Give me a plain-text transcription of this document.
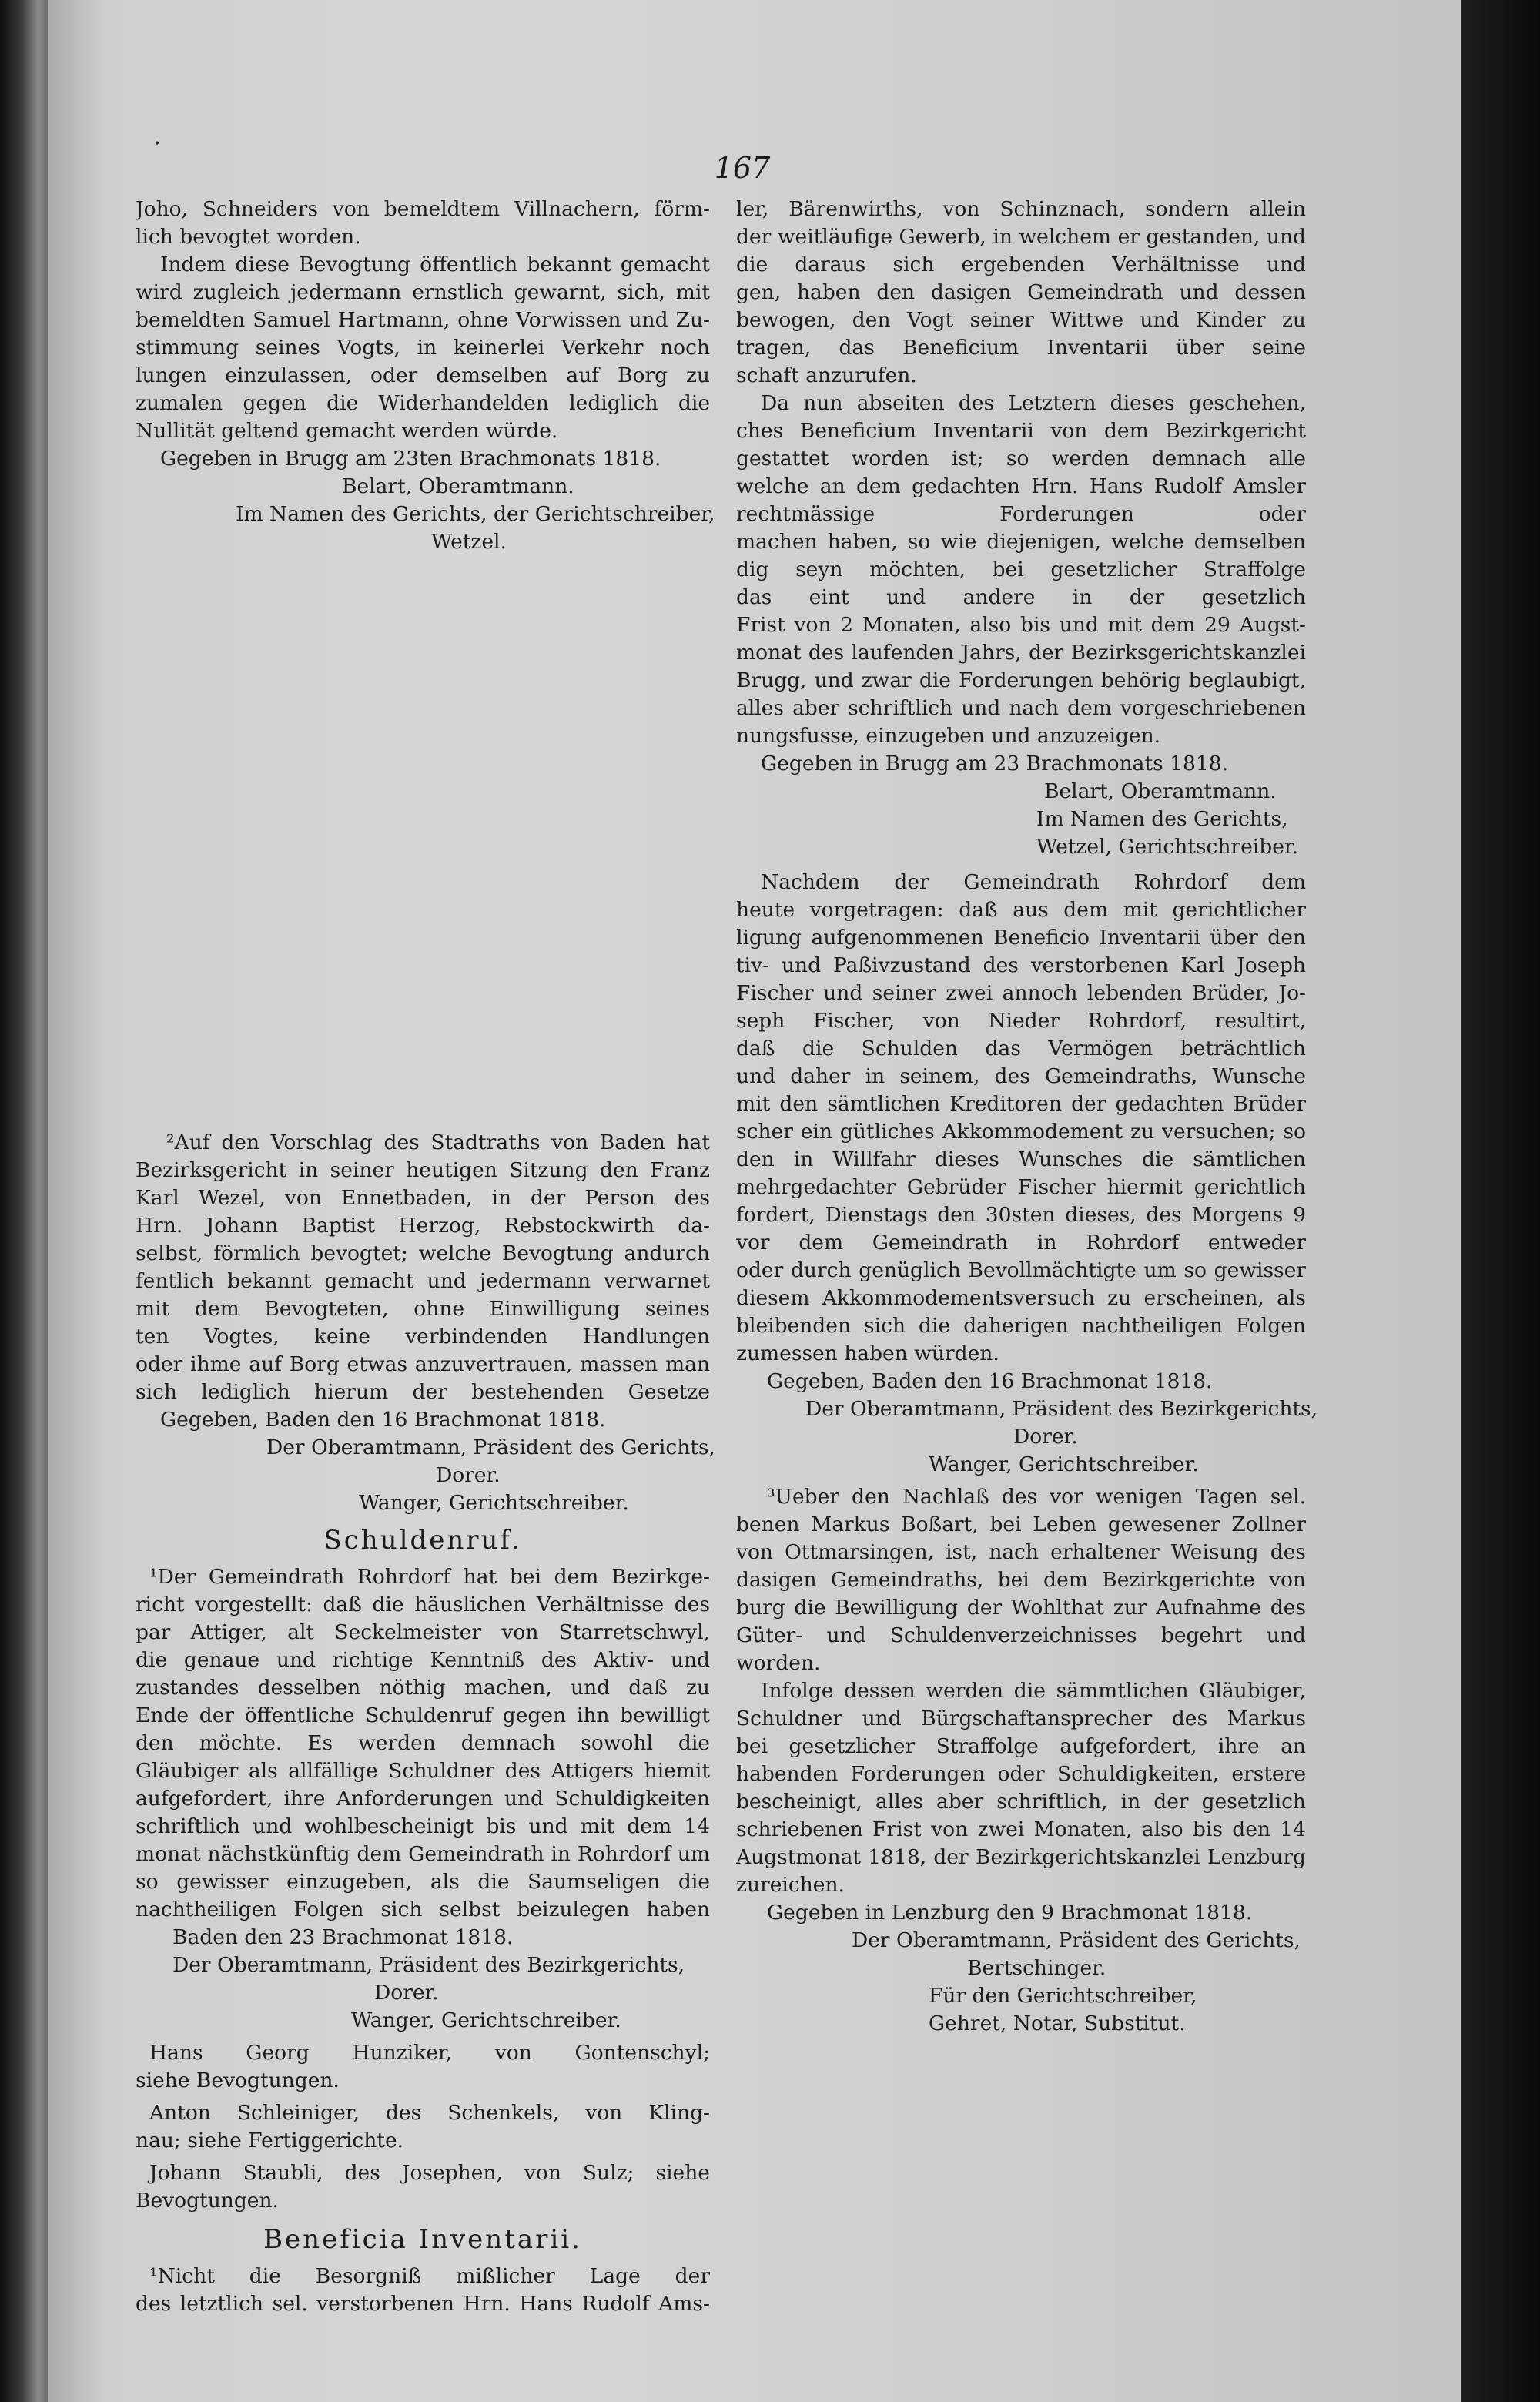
•
167
Joho, Schneiders von bemeldtem Villnachern, förm-
lich bevogtet worden.
Indem diese Bevogtung öffentlich bekannt gemacht
wird zugleich jedermann ernstlich gewarnt, sich, mit
bemeldten Samuel Hartmann, ohne Vorwissen und Zu-
stimmung seines Vogts, in keinerlei Verkehr noch
lungen einzulassen, oder demselben auf Borg zu
zumalen gegen die Widerhandelden lediglich die
Nullität geltend gemacht werden würde.
Gegeben in Brugg am 23ten Brachmonats 1818.
Belart, Oberamtmann.
Im Namen des Gerichts, der Gerichtschreiber,
Wetzel.
²Auf den Vorschlag des Stadtraths von Baden hat
Bezirksgericht in seiner heutigen Sitzung den Franz
Karl Wezel, von Ennetbaden, in der Person des
Hrn. Johann Baptist Herzog, Rebstockwirth da-
selbst, förmlich bevogtet; welche Bevogtung andurch
fentlich bekannt gemacht und jedermann verwarnet
mit dem Bevogteten, ohne Einwilligung seines
ten Vogtes, keine verbindenden Handlungen
oder ihme auf Borg etwas anzuvertrauen, massen man
sich lediglich hierum der bestehenden Gesetze
Gegeben, Baden den 16 Brachmonat 1818.
Der Oberamtmann, Präsident des Gerichts,
Dorer.
Wanger, Gerichtschreiber.
Schuldenruf.
¹Der Gemeindrath Rohrdorf hat bei dem Bezirkge-
richt vorgestellt: daß die häuslichen Verhältnisse des
par Attiger, alt Seckelmeister von Starretschwyl,
die genaue und richtige Kenntniß des Aktiv- und
zustandes desselben nöthig machen, und daß zu
Ende der öffentliche Schuldenruf gegen ihn bewilligt
den möchte. Es werden demnach sowohl die
Gläubiger als allfällige Schuldner des Attigers hiemit
aufgefordert, ihre Anforderungen und Schuldigkeiten
schriftlich und wohlbescheinigt bis und mit dem 14
monat nächstkünftig dem Gemeindrath in Rohrdorf um
so gewisser einzugeben, als die Saumseligen die
nachtheiligen Folgen sich selbst beizulegen haben
Baden den 23 Brachmonat 1818.
Der Oberamtmann, Präsident des Bezirkgerichts,
Dorer.
Wanger, Gerichtschreiber.
Hans Georg Hunziker, von Gontenschyl;
siehe Bevogtungen.
Anton Schleiniger, des Schenkels, von Kling-
nau; siehe Fertiggerichte.
Johann Staubli, des Josephen, von Sulz; siehe
Bevogtungen.
Beneficia Inventarii.
¹Nicht die Besorgniß mißlicher Lage der
des letztlich sel. verstorbenen Hrn. Hans Rudolf Ams-
ler, Bärenwirths, von Schinznach, sondern allein
der weitläufige Gewerb, in welchem er gestanden, und
die daraus sich ergebenden Verhältnisse und
gen, haben den dasigen Gemeindrath und dessen
bewogen, den Vogt seiner Wittwe und Kinder zu
tragen, das Beneficium Inventarii über seine
schaft anzurufen.
Da nun abseiten des Letztern dieses geschehen,
ches Beneficium Inventarii von dem Bezirkgericht
gestattet worden ist; so werden demnach alle
welche an dem gedachten Hrn. Hans Rudolf Amsler
rechtmässige Forderungen oder
machen haben, so wie diejenigen, welche demselben
dig seyn möchten, bei gesetzlicher Straffolge
das eint und andere in der gesetzlich
Frist von 2 Monaten, also bis und mit dem 29 Augst-
monat des laufenden Jahrs, der Bezirksgerichtskanzlei
Brugg, und zwar die Forderungen behörig beglaubigt,
alles aber schriftlich und nach dem vorgeschriebenen
nungsfusse, einzugeben und anzuzeigen.
Gegeben in Brugg am 23 Brachmonats 1818.
Belart, Oberamtmann.
Im Namen des Gerichts,
Wetzel, Gerichtschreiber.
Nachdem der Gemeindrath Rohrdorf dem
heute vorgetragen: daß aus dem mit gerichtlicher
ligung aufgenommenen Beneficio Inventarii über den
tiv- und Paßivzustand des verstorbenen Karl Joseph
Fischer und seiner zwei annoch lebenden Brüder, Jo-
seph Fischer, von Nieder Rohrdorf, resultirt,
daß die Schulden das Vermögen beträchtlich
und daher in seinem, des Gemeindraths, Wunsche
mit den sämtlichen Kreditoren der gedachten Brüder
scher ein gütliches Akkommodement zu versuchen; so
den in Willfahr dieses Wunsches die sämtlichen
mehrgedachter Gebrüder Fischer hiermit gerichtlich
fordert, Dienstags den 30sten dieses, des Morgens 9
vor dem Gemeindrath in Rohrdorf entweder
oder durch genüglich Bevollmächtigte um so gewisser
diesem Akkommodementsversuch zu erscheinen, als
bleibenden sich die daherigen nachtheiligen Folgen
zumessen haben würden.
Gegeben, Baden den 16 Brachmonat 1818.
Der Oberamtmann, Präsident des Bezirkgerichts,
Dorer.
Wanger, Gerichtschreiber.
³Ueber den Nachlaß des vor wenigen Tagen sel.
benen Markus Boßart, bei Leben gewesener Zollner
von Ottmarsingen, ist, nach erhaltener Weisung des
dasigen Gemeindraths, bei dem Bezirkgerichte von
burg die Bewilligung der Wohlthat zur Aufnahme des
Güter- und Schuldenverzeichnisses begehrt und
worden.
Infolge dessen werden die sämmtlichen Gläubiger,
Schuldner und Bürgschaftansprecher des Markus
bei gesetzlicher Straffolge aufgefordert, ihre an
habenden Forderungen oder Schuldigkeiten, erstere
bescheinigt, alles aber schriftlich, in der gesetzlich
schriebenen Frist von zwei Monaten, also bis den 14
Augstmonat 1818, der Bezirkgerichtskanzlei Lenzburg
zureichen.
Gegeben in Lenzburg den 9 Brachmonat 1818.
Der Oberamtmann, Präsident des Gerichts,
Bertschinger.
Für den Gerichtschreiber,
Gehret, Notar, Substitut.
